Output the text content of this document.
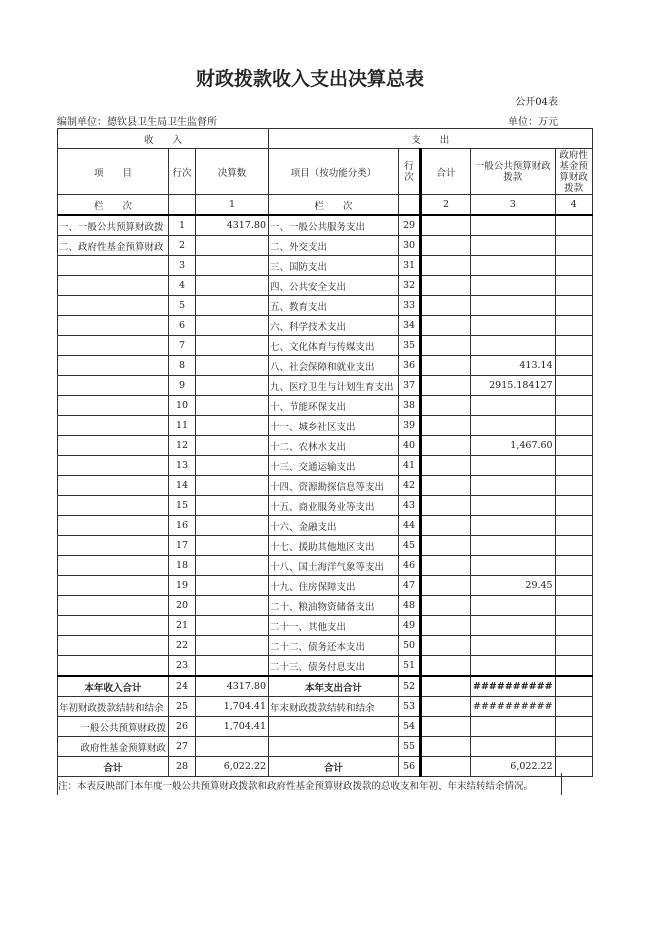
财政拨款收入支出决算总表
公开04表
编制单位：德钦县卫生局卫生监督所	单位：万元
收　　入			支　　出				
项　　目	行次	决算数	项目（按功能分类）	行次	合计	一般公共预算财政拨款	政府性基金预算财政拨款
栏　　次		1	栏　　次		2	3	4
一、一般公共预算财政拨	1	4317.80	一、一般公共服务支出	29			
二、政府性基金预算财政	2		二、外交支出	30			
	3		三、国防支出	31			
	4		四、公共安全支出	32			
	5		五、教育支出	33			
	6		六、科学技术支出	34			
	7		七、文化体育与传媒支出	35			
	8		八、社会保障和就业支出	36		413.14	
	9		九、医疗卫生与计划生育支出	37		2915.184127	
	10		十、节能环保支出	38			
	11		十一、城乡社区支出	39			
	12		十二、农林水支出	40		1,467.60	
	13		十三、交通运输支出	41			
	14		十四、资源勘探信息等支出	42			
	15		十五、商业服务业等支出	43			
	16		十六、金融支出	44			
	17		十七、援助其他地区支出	45			
	18		十八、国土海洋气象等支出	46			
	19		十九、住房保障支出	47		29.45	
	20		二十、粮油物资储备支出	48			
	21		二十一、其他支出	49			
	22		二十二、债务还本支出	50			
	23		二十三、债务付息支出	51			
本年收入合计	24	4317.80	本年支出合计	52		##########	
年初财政拨款结转和结余	25	1,704.41	年末财政拨款结转和结余	53		##########	
一般公共预算财政拨	26	1,704.41		54			
政府性基金预算财政	27			55			
合计	28	6,022.22	合计	56		6,022.22	
注：本表反映部门本年度一般公共预算财政拨款和政府性基金预算财政拨款的总收支和年初、年末结转结余情况。
